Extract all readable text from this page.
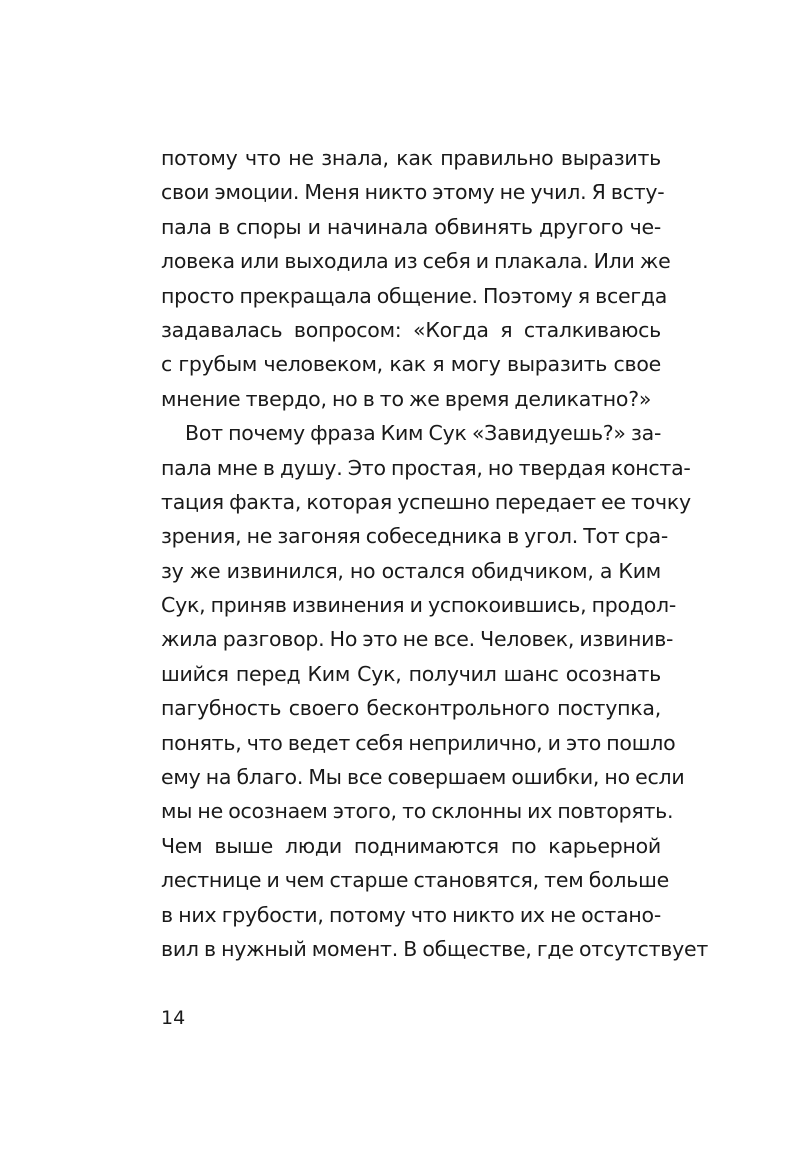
потому что не знала, как правильно выразить
свои эмоции. Меня никто этому не учил. Я всту-
пала в споры и начинала обвинять другого че-
ловека или выходила из себя и плакала. Или же
просто прекращала общение. Поэтому я всегда
задавалась вопросом: «Когда я сталкиваюсь
с грубым человеком, как я могу выразить свое
мнение твердо, но в то же время деликатно?»
Вот почему фраза Ким Сук «Завидуешь?» за-
пала мне в душу. Это простая, но твердая конста-
тация факта, которая успешно передает ее точку
зрения, не загоняя собеседника в угол. Тот сра-
зу же извинился, но остался обидчиком, а Ким
Сук, приняв извинения и успокоившись, продол-
жила разговор. Но это не все. Человек, извинив-
шийся перед Ким Сук, получил шанс осознать
пагубность своего бесконтрольного поступка,
понять, что ведет себя неприлично, и это пошло
ему на благо. Мы все совершаем ошибки, но если
мы не осознаем этого, то склонны их повторять.
Чем выше люди поднимаются по карьерной
лестнице и чем старше становятся, тем больше
в них грубости, потому что никто их не остано-
вил в нужный момент. В обществе, где отсутствует
14
